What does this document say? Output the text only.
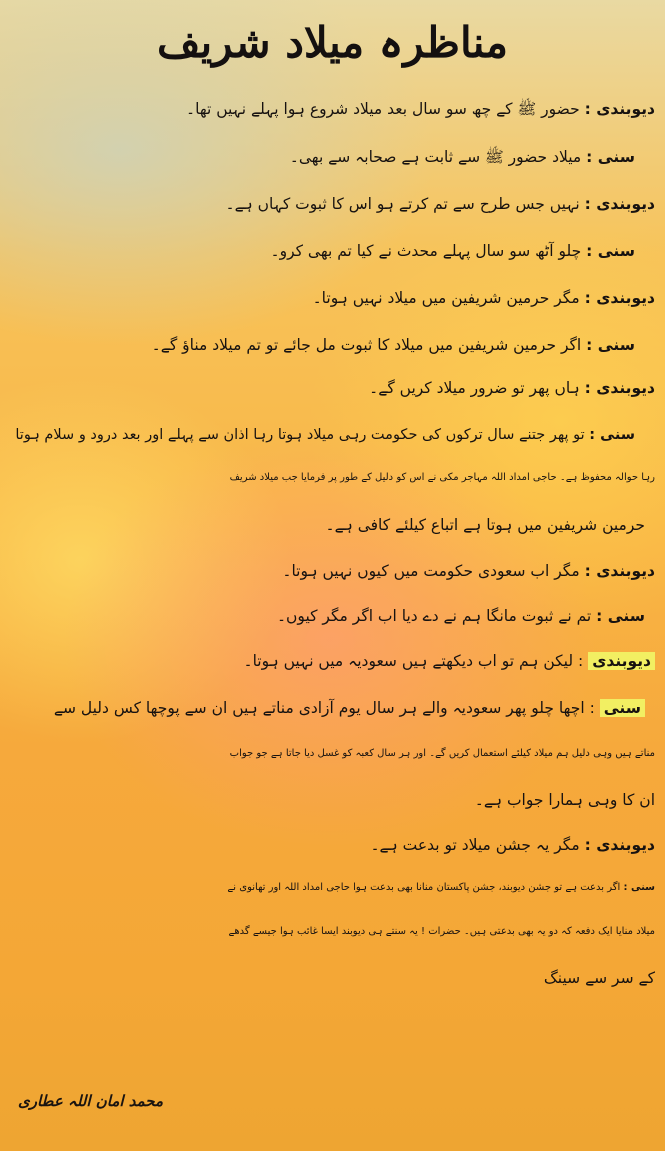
مناظرہ میلاد شریف
دیوبندی : حضور ﷺ کے چھ سو سال بعد میلاد شروع ہوا پہلے نہیں تھا۔
سنی : میلاد حضور ﷺ سے ثابت ہے صحابہ سے بھی۔
دیوبندی : نہیں جس طرح سے تم کرتے ہو اس کا ثبوت کہاں ہے۔
سنی : چلو آٹھ سو سال پہلے محدث نے کیا تم بھی کرو۔
دیوبندی : مگر حرمین شریفین میں میلاد نہیں ہوتا۔
سنی : اگر حرمین شریفین میں میلاد کا ثبوت مل جائے تو تم میلاد مناؤ گے۔
دیوبندی : ہاں پھر تو ضرور میلاد کریں گے۔
سنی : تو پھر جتنے سال ترکوں کی حکومت رہی میلاد ہوتا رہا اذان سے پہلے اور بعد درود و سلام ہوتا
رہا حوالہ محفوظ ہے۔ حاجی امداد اللہ مہاجر مکی نے اس کو دلیل کے طور پر فرمایا جب میلاد شریف
حرمین شریفین میں ہوتا ہے اتباع کیلئے کافی ہے۔
دیوبندی : مگر اب سعودی حکومت میں کیوں نہیں ہوتا۔
سنی : تم نے ثبوت مانگا ہم نے دے دیا اب اگر مگر کیوں۔
دیوبندی : لیکن ہم تو اب دیکھتے ہیں سعودیہ میں نہیں ہوتا۔
سنی : اچھا چلو پھر سعودیہ والے ہر سال یوم آزادی مناتے ہیں ان سے پوچھا کس دلیل سے
مناتے ہیں وہی دلیل ہم میلاد کیلئے استعمال کریں گے۔ اور ہر سال کعبہ کو غسل دیا جاتا ہے جو جواب
ان کا وہی ہمارا جواب ہے۔
دیوبندی : مگر یہ جشن میلاد تو بدعت ہے۔
سنی : اگر بدعت ہے تو جشن دیوبند، جشن پاکستان منانا بھی بدعت ہوا حاجی امداد اللہ اور تھانوی نے
میلاد منایا ایک دفعہ کہ دو یہ بھی بدعتی ہیں۔ حضرات ! یہ سنتے ہی دیوبند ایسا غائب ہوا جیسے گدھے
کے سر سے سینگ
محمد امان اللہ عطاری
